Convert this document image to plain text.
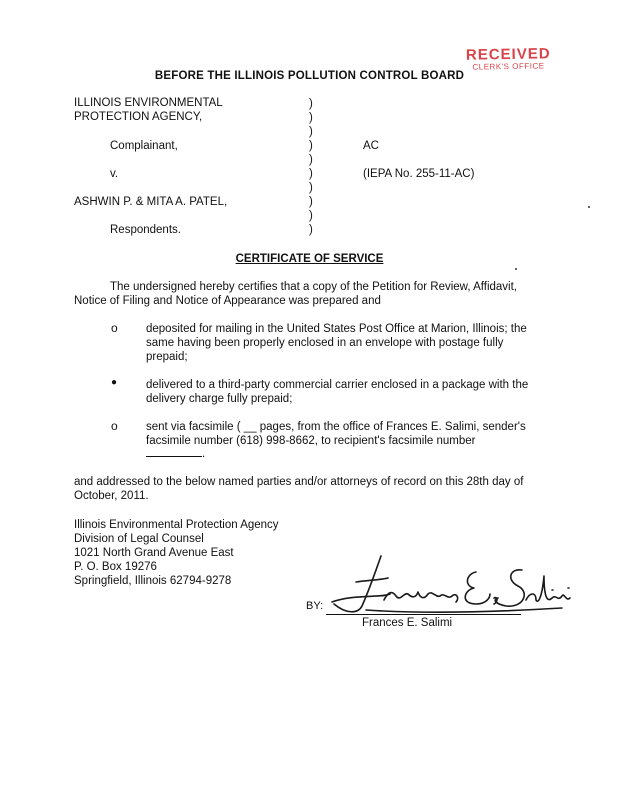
RECEIVED
CLERK'S OFFICE
BEFORE THE ILLINOIS POLLUTION CONTROL BOARD
ILLINOIS ENVIRONMENTAL
PROTECTION AGENCY,
Complainant,
v.
ASHWIN P. & MITA A. PATEL,
Respondents.
)
)
)
)
)
)
)
)
)
)
AC
(IEPA No. 255-11-AC)
CERTIFICATE OF SERVICE
The undersigned hereby certifies that a copy of the Petition for Review, Affidavit, Notice of Filing and Notice of Appearance was prepared and
o deposited for mailing in the United States Post Office at Marion, Illinois; the same having been properly enclosed in an envelope with postage fully prepaid;
●	delivered to a third-party commercial carrier enclosed in a package with the delivery charge fully prepaid;
o sent via facsimile ( __ pages, from the office of Frances E. Salimi, sender's facsimile number (618) 998-8662, to recipient's facsimile number
.
and addressed to the below named parties and/or attorneys of record on this 28th day of October, 2011.
Illinois Environmental Protection Agency
Division of Legal Counsel
1021 North Grand Avenue East
P. O. Box 19276
Springfield, Illinois 62794-9278
BY:
Frances E. Salimi
